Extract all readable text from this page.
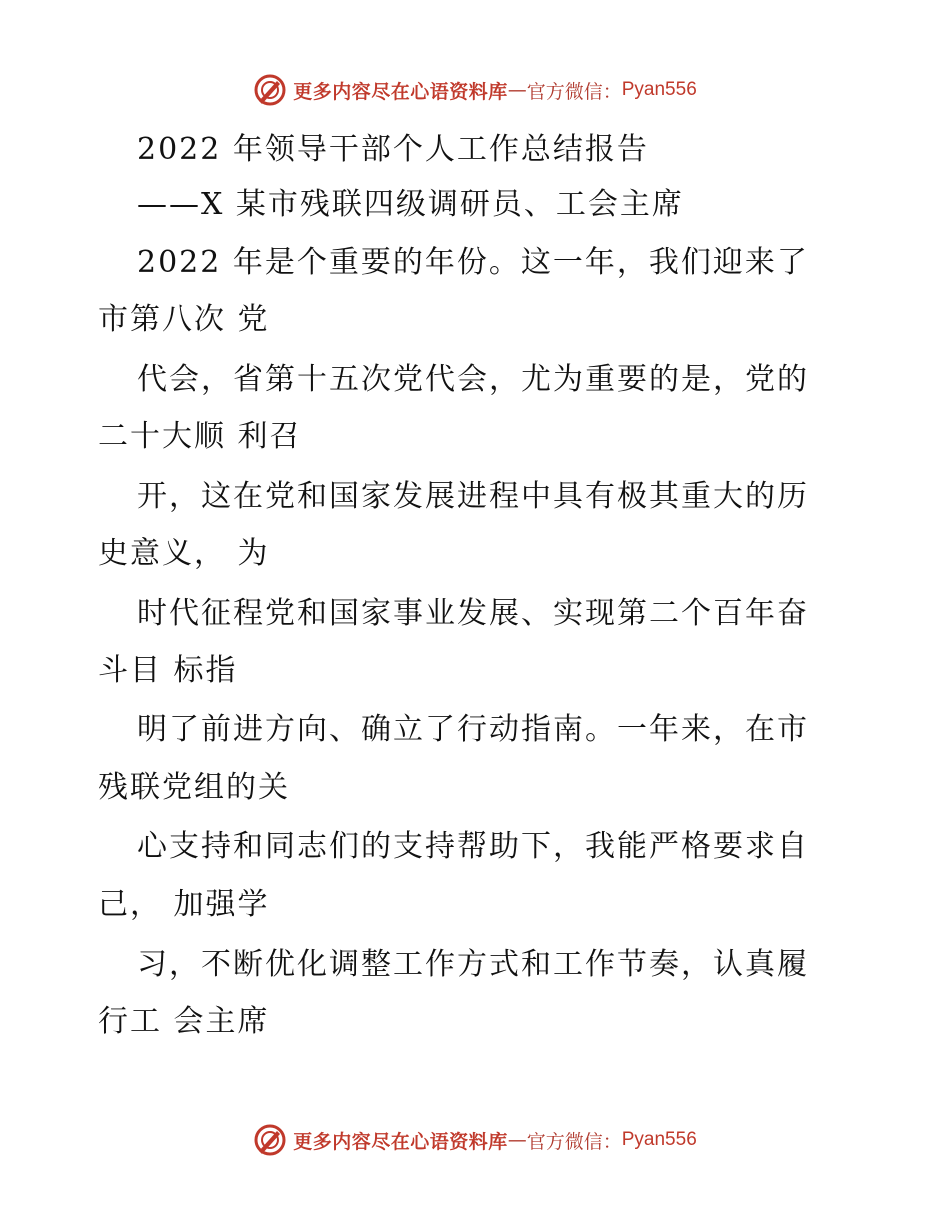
更多内容尽在心语资料库 — 官方微信： Pyan556
2022 年领导干部个人工作总结报告
——X 某市残联四级调研员、工会主席
2022 年是个重要的年份。这一年，我们迎来了
市第八次 党
代会，省第十五次党代会，尤为重要的是，党的
二十大顺 利召
开，这在党和国家发展进程中具有极其重大的历
史意义， 为
时代征程党和国家事业发展、实现第二个百年奋
斗目 标指
明了前进方向、确立了行动指南。一年来，在市
残联党组的关
心支持和同志们的支持帮助下，我能严格要求自
己， 加强学
习，不断优化调整工作方式和工作节奏，认真履
行工 会主席
更多内容尽在心语资料库 — 官方微信： Pyan556
